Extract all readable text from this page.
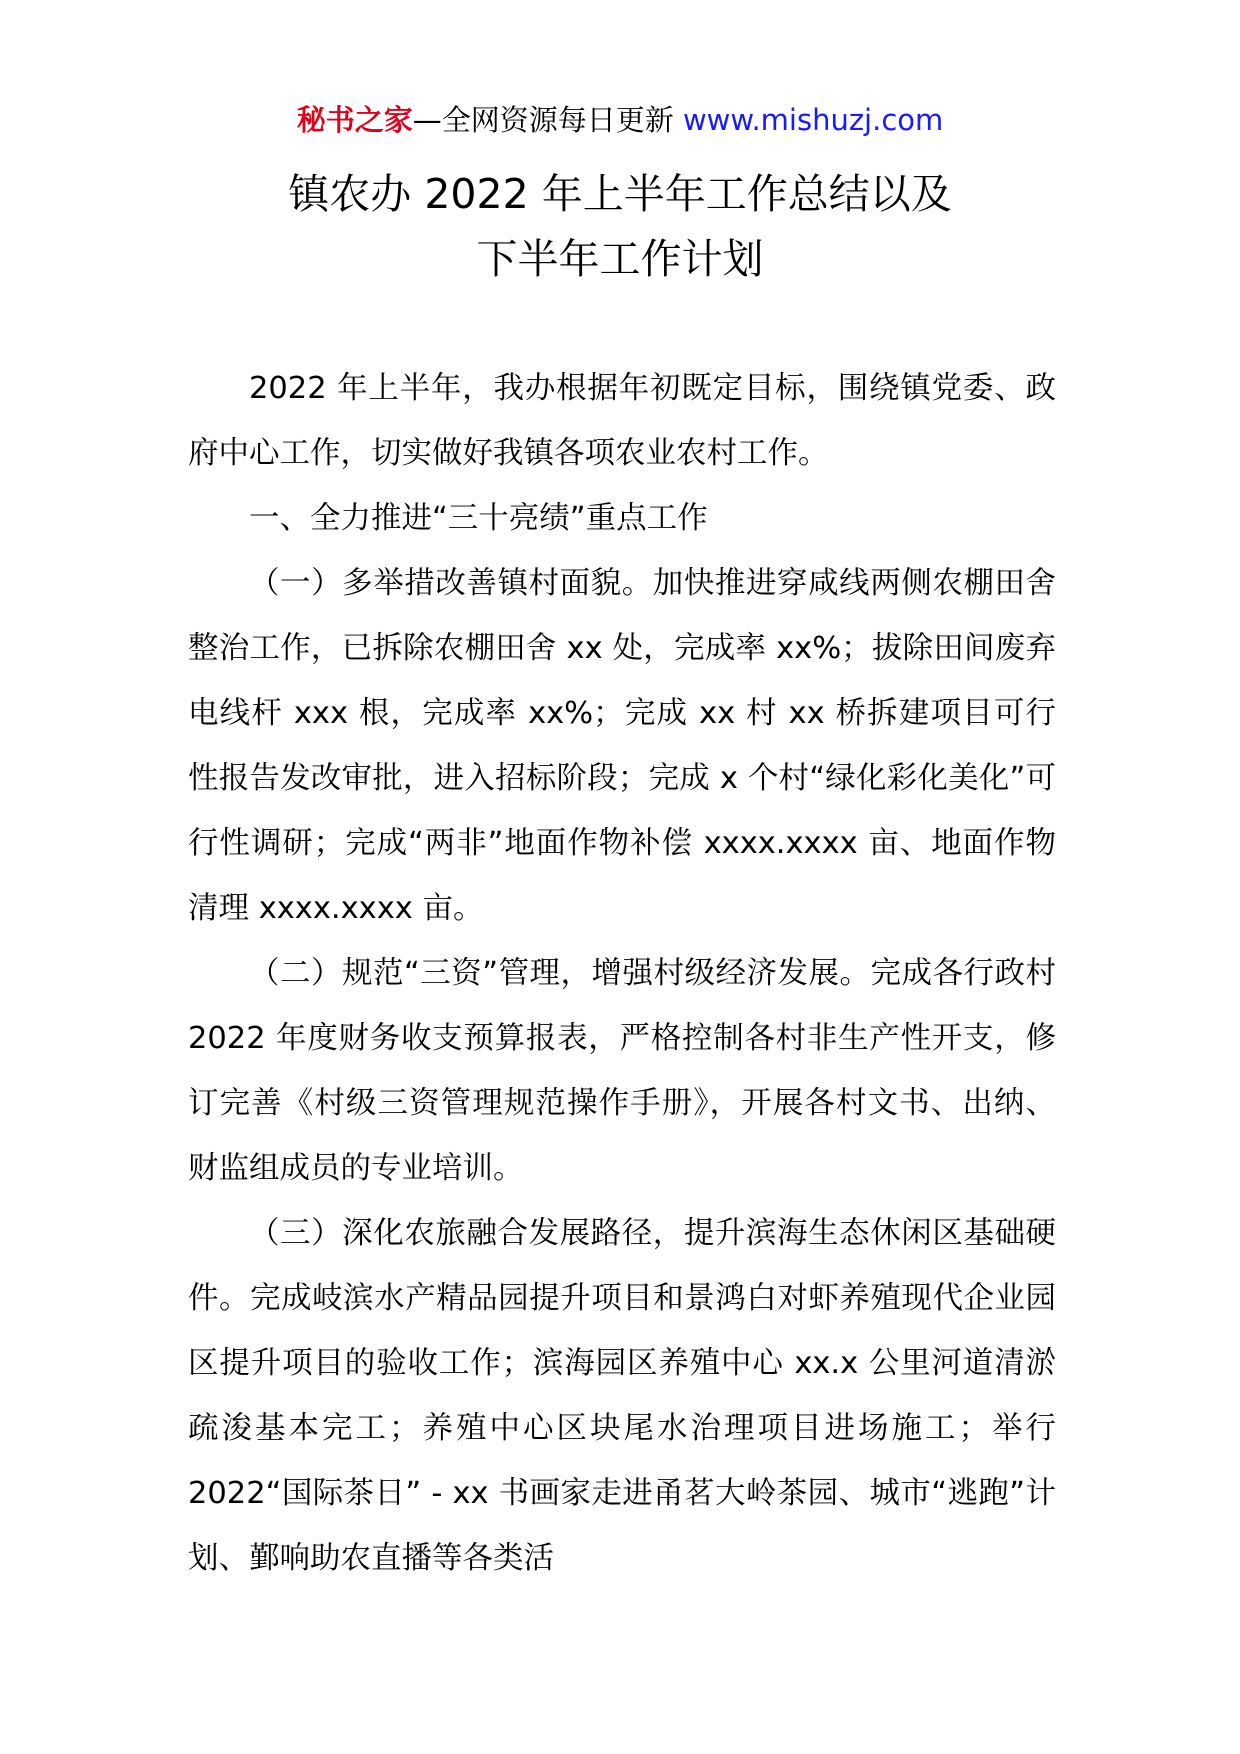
秘书之家—全网资源每日更新 www.mishuzj.com
镇农办 2022 年上半年工作总结以及
下半年工作计划

2022 年上半年，我办根据年初既定目标，围绕镇党委、政府中心工作，切实做好我镇各项农业农村工作。

一、全力推进“三十亮绩”重点工作

（一）多举措改善镇村面貌。加快推进穿咸线两侧农棚田舍整治工作，已拆除农棚田舍 xx 处，完成率 xx%；拔除田间废弃电线杆 xxx 根，完成率 xx%；完成 xx 村 xx 桥拆建项目可行性报告发改审批，进入招标阶段；完成 x 个村“绿化彩化美化”可行性调研；完成“两非”地面作物补偿 xxxx.xxxx 亩、地面作物清理 xxxx.xxxx 亩。

（二）规范“三资”管理，增强村级经济发展。完成各行政村 2022 年度财务收支预算报表，严格控制各村非生产性开支，修订完善《村级三资管理规范操作手册》，开展各村文书、出纳、财监组成员的专业培训。

（三）深化农旅融合发展路径，提升滨海生态休闲区基础硬件。完成岐滨水产精品园提升项目和景鸿白对虾养殖现代企业园区提升项目的验收工作；滨海园区养殖中心 xx.x 公里河道清淤疏浚基本完工；养殖中心区块尾水治理项目进场施工；举行 2022“国际茶日” - xx 书画家走进甬茗大岭茶园、城市“逃跑”计划、鄞响助农直播等各类活
